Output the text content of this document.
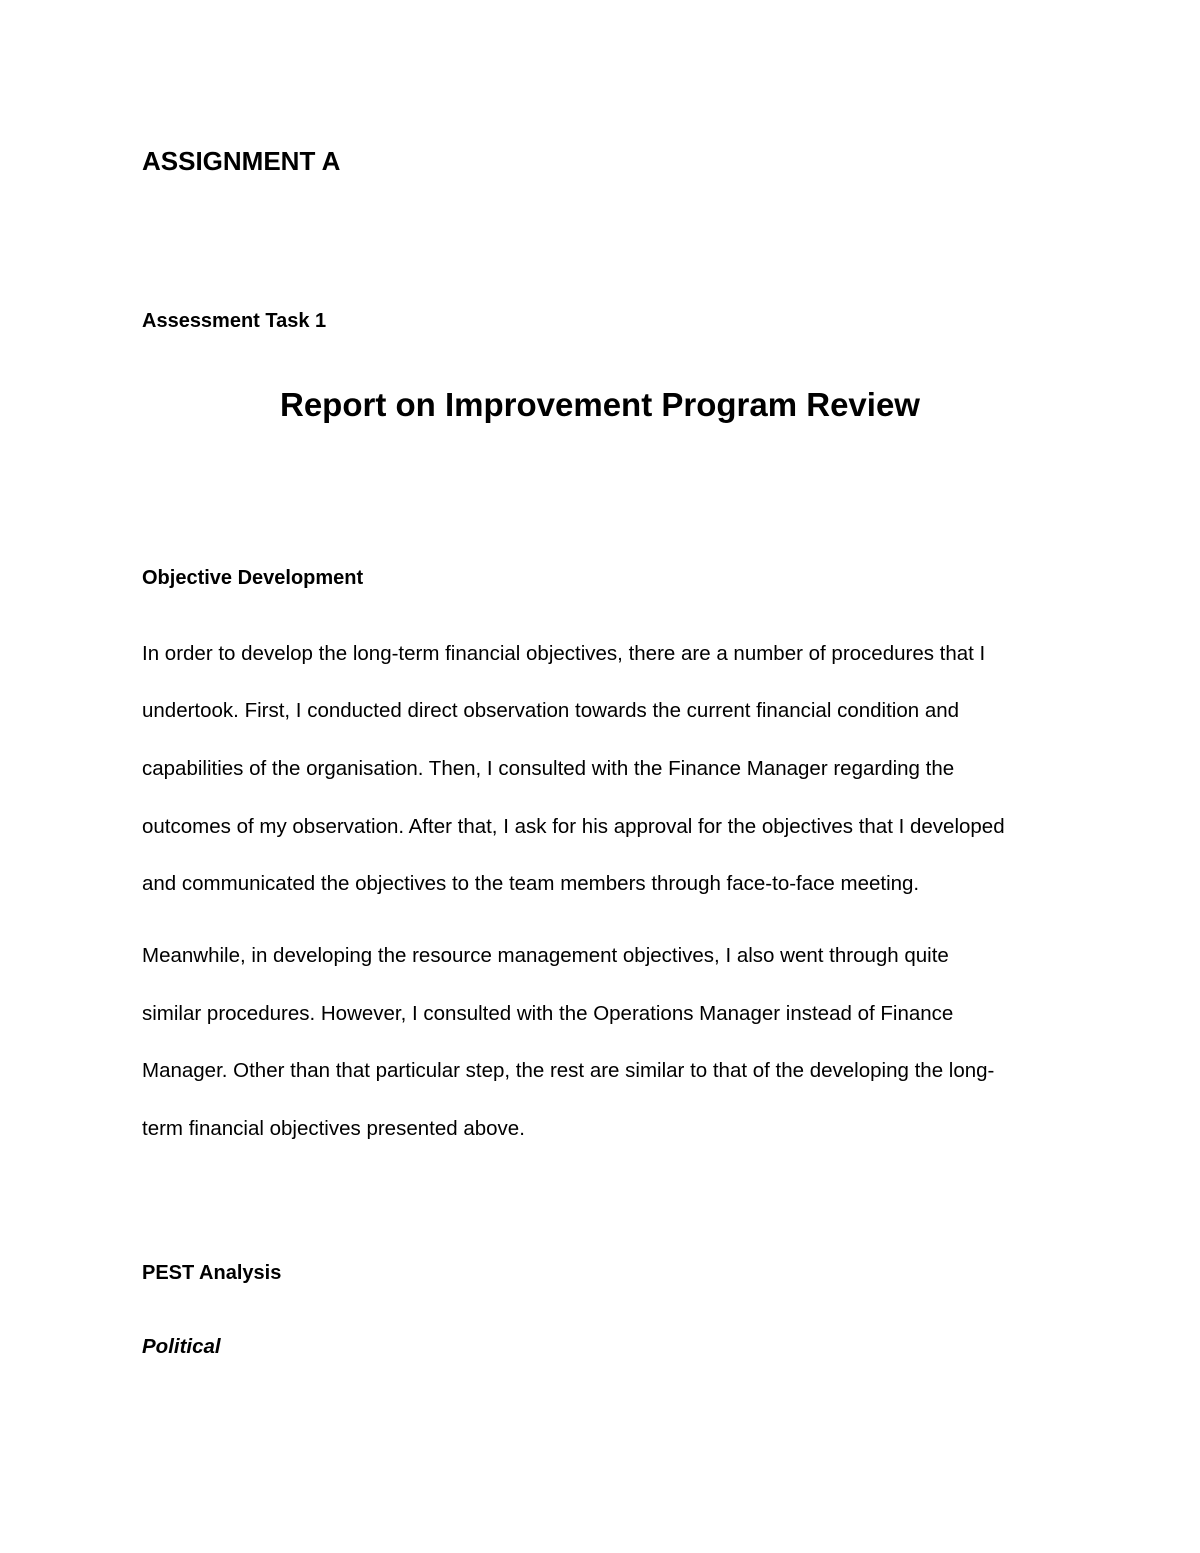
ASSIGNMENT A
Assessment Task 1
Report on Improvement Program Review
Objective Development

In order to develop the long-term financial objectives, there are a number of procedures that I

undertook. First, I conducted direct observation towards the current financial condition and

capabilities of the organisation. Then, I consulted with the Finance Manager regarding the

outcomes of my observation. After that, I ask for his approval for the objectives that I developed

and communicated the objectives to the team members through face-to-face meeting.

Meanwhile, in developing the resource management objectives, I also went through quite

similar procedures. However, I consulted with the Operations Manager instead of Finance

Manager. Other than that particular step, the rest are similar to that of the developing the long-

term financial objectives presented above.

PEST Analysis
Political
